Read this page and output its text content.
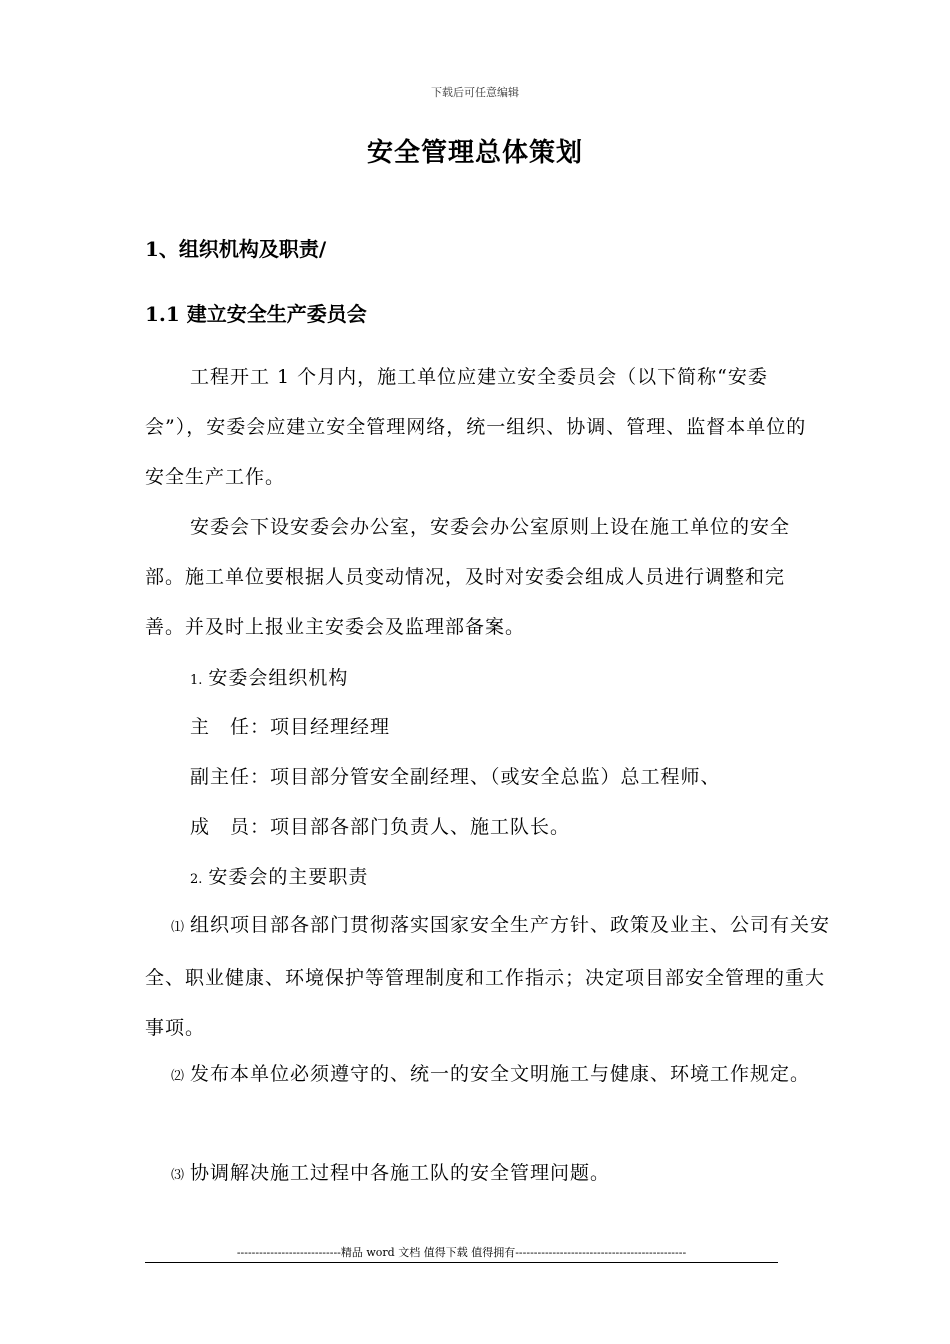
下载后可任意编辑
安全管理总体策划
1、组织机构及职责/
1.1 建立安全生产委员会
工程开工 1 个月内，施工单位应建立安全委员会（以下简称“安委会”），安委会应建立安全管理网络，统一组织、协调、管理、监督本单位的安全生产工作。
安委会下设安委会办公室，安委会办公室原则上设在施工单位的安全部。施工单位要根据人员变动情况，及时对安委会组成人员进行调整和完善。并及时上报业主安委会及监理部备案。
1. 安委会组织机构
主　任：项目经理经理
副主任：项目部分管安全副经理、（或安全总监）总工程师、
成　员：项目部各部门负责人、施工队长。
2. 安委会的主要职责
⑴ 组织项目部各部门贯彻落实国家安全生产方针、政策及业主、公司有关安全、职业健康、环境保护等管理制度和工作指示；决定项目部安全管理的重大事项。
⑵ 发布本单位必须遵守的、统一的安全文明施工与健康、环境工作规定。
⑶ 协调解决施工过程中各施工队的安全管理问题。
----------------------------精品 word 文档 值得下载 值得拥有----------------------------------------------
